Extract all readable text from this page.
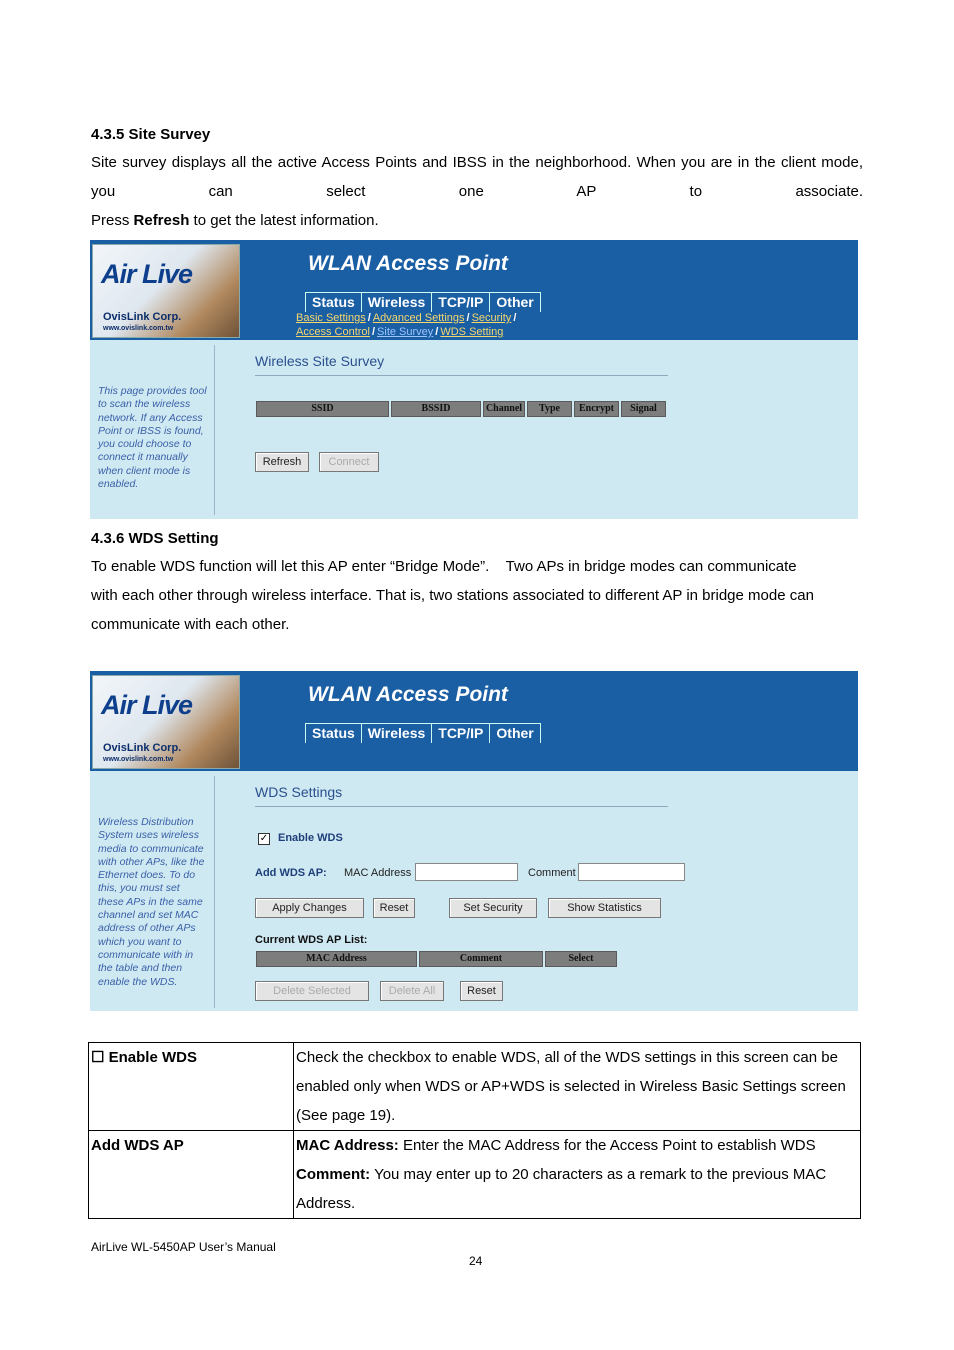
4.3.5 Site Survey
Site survey displays all the active Access Points and IBSS in the neighborhood. When you are in the client mode, you can select one AP to associate.
Press Refresh to get the latest information.
Air Live
OvisLink Corp.
www.ovislink.com.tw
WLAN Access Point
Status Wireless TCP/IP Other
Basic Settings / Advanced Settings / Security /
Access Control / Site Survey / WDS Setting
This page provides tool to scan the wireless network. If any Access Point or IBSS is found, you could choose to connect it manually when client mode is enabled.
Wireless Site Survey
SSID	BSSID	Channel	Type	Encrypt	Signal
Refresh	Connect
4.3.6 WDS Setting
To enable WDS function will let this AP enter “Bridge Mode”.    Two APs in bridge modes can communicate
with each other through wireless interface. That is, two stations associated to different AP in bridge mode can
communicate with each other.
Air Live
OvisLink Corp.
www.ovislink.com.tw
WLAN Access Point
Status Wireless TCP/IP Other
Wireless Distribution System uses wireless media to communicate with other APs, like the Ethernet does. To do this, you must set these APs in the same channel and set MAC address of other APs which you want to communicate with in the table and then enable the WDS.
WDS Settings
✓ Enable WDS
Add WDS AP: MAC Address	Comment
Apply Changes	Reset	Set Security	Show Statistics
Current WDS AP List:
MAC Address	Comment	Select
Delete Selected	Delete All	Reset
☐ Enable WDS	Check the checkbox to enable WDS, all of the WDS settings in this screen can be enabled only when WDS or AP+WDS is selected in Wireless Basic Settings screen (See page 19).
Add WDS AP	MAC Address: Enter the MAC Address for the Access Point to establish WDS
Comment: You may enter up to 20 characters as a remark to the previous MAC Address.
AirLive WL-5450AP User’s Manual
24
